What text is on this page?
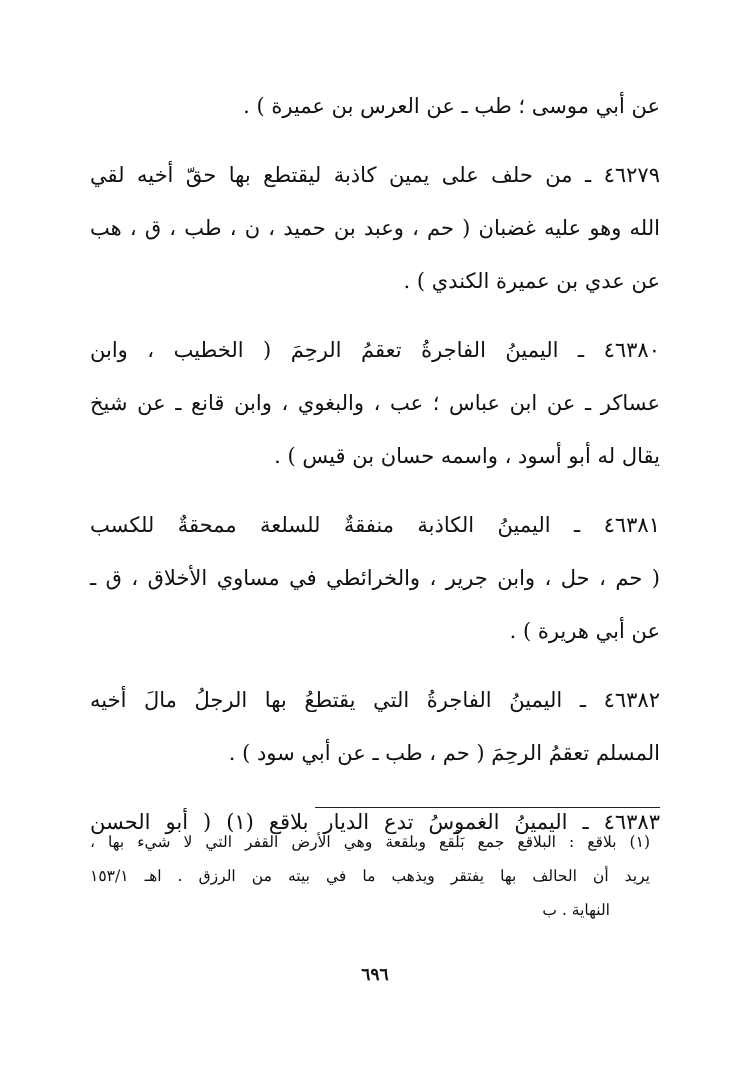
عن أبي موسى ؛ طب ـ عن العرس بن عميرة ) .
٤٦٢٧٩ ـ من حلف على يمين كاذبة ليقتطع بها حقّ أخيه لقي
الله وهو عليه غضبان ( حم ، وعبد بن حميد ، ن ، طب ، ق ، هب
عن عدي بن عميرة الكندي ) .
٤٦٣٨٠ ـ اليمينُ الفاجرةُ تعقمُ الرحِمَ ( الخطيب ، وابن
عساكر ـ عن ابن عباس ؛ عب ، والبغوي ، وابن قانع ـ عن شيخ
يقال له أبو أسود ، واسمه حسان بن قيس ) .
٤٦٣٨١ ـ اليمينُ الكاذبة منفقةٌ للسلعة ممحقةٌ للكسب
( حم ، حل ، وابن جرير ، والخرائطي في مساوي الأخلاق ، ق ـ
عن أبي هريرة ) .
٤٦٣٨٢ ـ اليمينُ الفاجرةُ التي يقتطعُ بها الرجلُ مالَ أخيه
المسلم تعقمُ الرحِمَ ( حم ، طب ـ عن أبي سود ) .
٤٦٣٨٣ ـ اليمينُ الغموسُ تدع الديار بلاقع (١) ( أبو الحسن
(١) بلاقع : البلاقع جمع بَلْقع وبلقعة وهي الأرض القفر التي لا شيء بها ،
يريد أن الحالف بها يفتقر ويذهب ما في بيته من الرزق . اهـ ١٥٣/١
النهاية . ب
٦٩٦
